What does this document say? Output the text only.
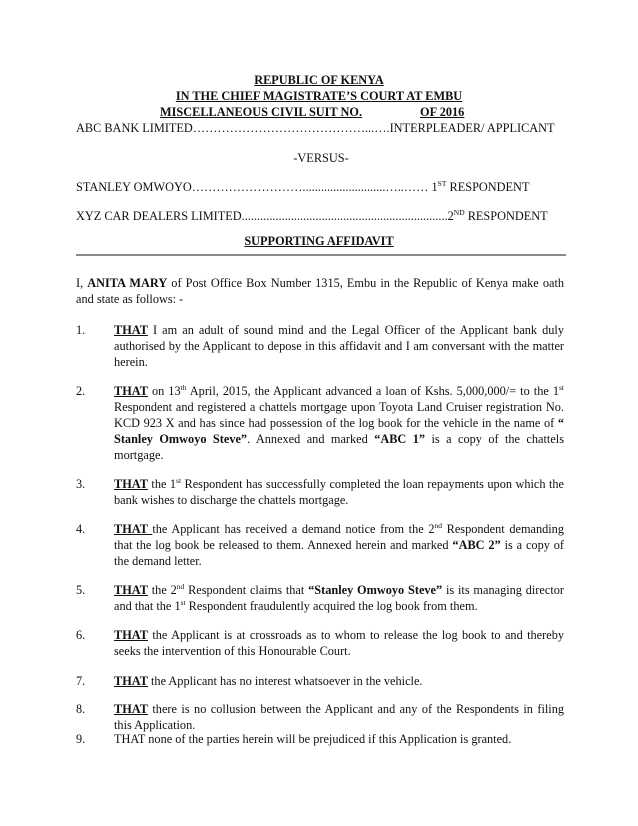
REPUBLIC OF KENYA
IN THE CHIEF MAGISTRATE’S COURT AT EMBU
MISCELLANEOUS CIVIL SUIT NO.	OF 2016
ABC BANK LIMITED……………………………………...….INTERPLEADER/ APPLICANT
-VERSUS-
STANLEY OMWOYO………………………...........................…..…… 1ST RESPONDENT
XYZ CAR DEALERS LIMITED...................................................................2ND RESPONDENT
SUPPORTING AFFIDAVIT
I, ANITA MARY of Post Office Box Number 1315, Embu in the Republic of Kenya make oath and state as follows: -
1. THAT I am an adult of sound mind and the Legal Officer of the Applicant bank duly authorised by the Applicant to depose in this affidavit and I am conversant with the matter herein.
2. THAT on 13th April, 2015, the Applicant advanced a loan of Kshs. 5,000,000/= to the 1st Respondent and registered a chattels mortgage upon Toyota Land Cruiser registration No. KCD 923 X and has since had possession of the log book for the vehicle in the name of “ Stanley Omwoyo Steve”. Annexed and marked “ABC 1” is a copy of the chattels mortgage.
3. THAT the 1st Respondent has successfully completed the loan repayments upon which the bank wishes to discharge the chattels mortgage.
4. THAT the Applicant has received a demand notice from the 2nd Respondent demanding that the log book be released to them. Annexed herein and marked “ABC 2” is a copy of the demand letter.
5. THAT the 2nd Respondent claims that “Stanley Omwoyo Steve” is its managing director and that the 1st Respondent fraudulently acquired the log book from them.
6. THAT the Applicant is at crossroads as to whom to release the log book to and thereby seeks the intervention of this Honourable Court.
7. THAT the Applicant has no interest whatsoever in the vehicle.
8. THAT there is no collusion between the Applicant and any of the Respondents in filing this Application.
9. THAT none of the parties herein will be prejudiced if this Application is granted.
